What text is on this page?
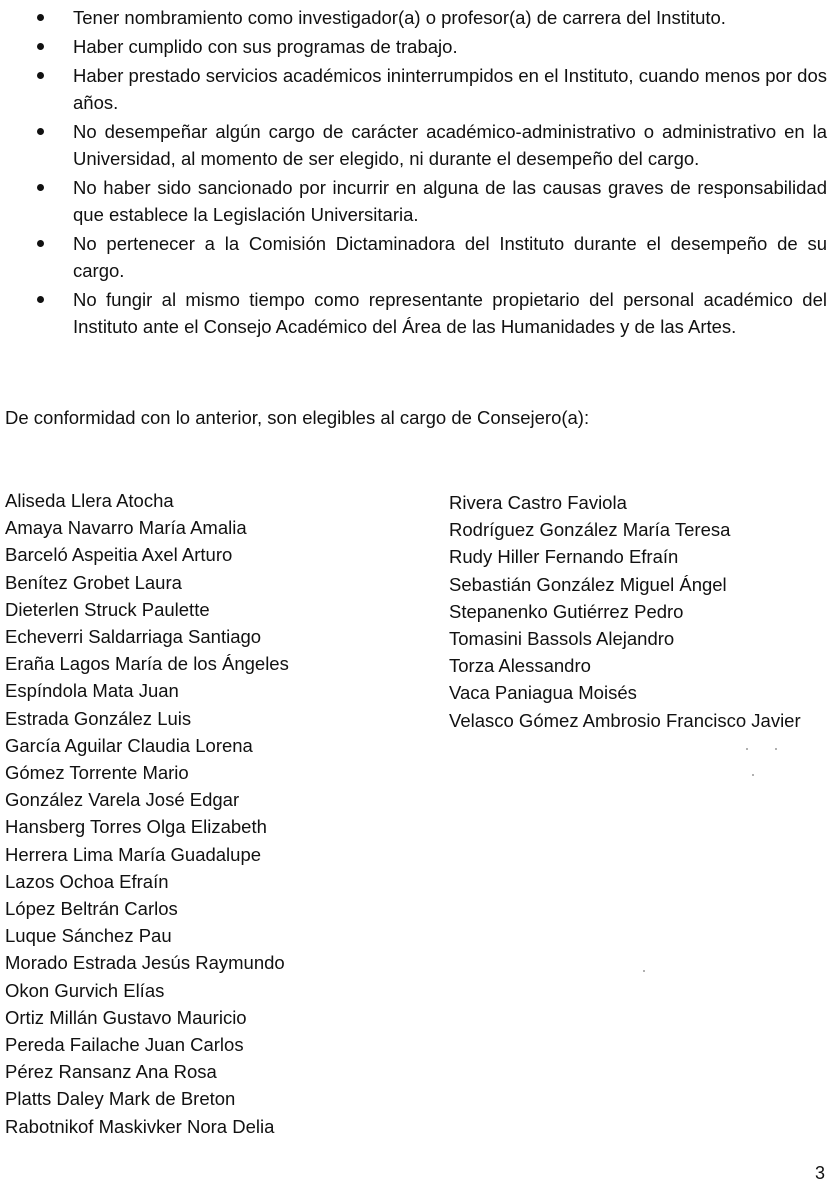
Tener nombramiento como investigador(a) o profesor(a) de carrera del Instituto.
Haber cumplido con sus programas de trabajo.
Haber prestado servicios académicos ininterrumpidos en el Instituto, cuando menos por dos años.
No desempeñar algún cargo de carácter académico-administrativo o administrativo en la Universidad, al momento de ser elegido, ni durante el desempeño del cargo.
No haber sido sancionado por incurrir en alguna de las causas graves de responsabilidad que establece la Legislación Universitaria.
No pertenecer a la Comisión Dictaminadora del Instituto durante el desempeño de su cargo.
No fungir al mismo tiempo como representante propietario del personal académico del Instituto ante el Consejo Académico del Área de las Humanidades y de las Artes.

De conformidad con lo anterior, son elegibles al cargo de Consejero(a):

Aliseda Llera Atocha
Amaya Navarro María Amalia
Barceló Aspeitia Axel Arturo
Benítez Grobet Laura
Dieterlen Struck Paulette
Echeverri Saldarriaga Santiago
Eraña Lagos María de los Ángeles
Espíndola Mata Juan
Estrada González Luis
García Aguilar Claudia Lorena
Gómez Torrente Mario
González Varela José Edgar
Hansberg Torres Olga Elizabeth
Herrera Lima María Guadalupe
Lazos Ochoa Efraín
López Beltrán Carlos
Luque Sánchez Pau
Morado Estrada Jesús Raymundo
Okon Gurvich Elías
Ortiz Millán Gustavo Mauricio
Pereda Failache Juan Carlos
Pérez Ransanz Ana Rosa
Platts Daley Mark de Breton
Rabotnikof Maskivker Nora Delia
Rivera Castro Faviola
Rodríguez González María Teresa
Rudy Hiller Fernando Efraín
Sebastián González Miguel Ángel
Stepanenko Gutiérrez Pedro
Tomasini Bassols Alejandro
Torza Alessandro
Vaca Paniagua Moisés
Velasco Gómez Ambrosio Francisco Javier
3
